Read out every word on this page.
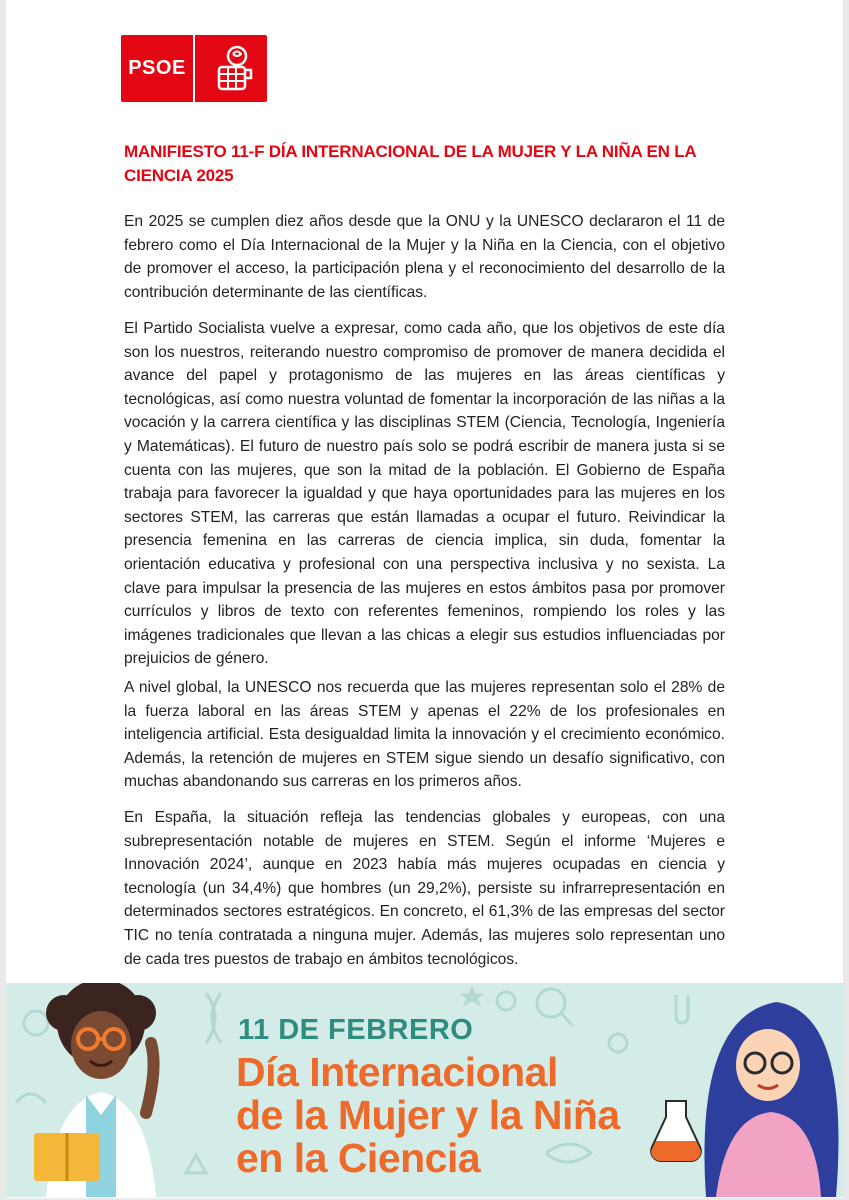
PSOE
MANIFIESTO 11-F DÍA INTERNACIONAL DE LA MUJER Y LA NIÑA EN LA CIENCIA 2025

En 2025 se cumplen diez años desde que la ONU y la UNESCO declararon el 11 de febrero como el Día Internacional de la Mujer y la Niña en la Ciencia, con el objetivo de promover el acceso, la participación plena y el reconocimiento del desarrollo de la contribución determinante de las científicas.

El Partido Socialista vuelve a expresar, como cada año, que los objetivos de este día son los nuestros, reiterando nuestro compromiso de promover de manera decidida el avance del papel y protagonismo de las mujeres en las áreas científicas y tecnológicas, así como nuestra voluntad de fomentar la incorporación de las niñas a la vocación y la carrera científica y las disciplinas STEM (Ciencia, Tecnología, Ingeniería y Matemáticas). El futuro de nuestro país solo se podrá escribir de manera justa si se cuenta con las mujeres, que son la mitad de la población. El Gobierno de España trabaja para favorecer la igualdad y que haya oportunidades para las mujeres en los sectores STEM, las carreras que están llamadas a ocupar el futuro. Reivindicar la presencia femenina en las carreras de ciencia implica, sin duda, fomentar la orientación educativa y profesional con una perspectiva inclusiva y no sexista. La clave para impulsar la presencia de las mujeres en estos ámbitos pasa por promover currículos y libros de texto con referentes femeninos, rompiendo los roles y las imágenes tradicionales que llevan a las chicas a elegir sus estudios influenciadas por prejuicios de género.

A nivel global, la UNESCO nos recuerda que las mujeres representan solo el 28% de la fuerza laboral en las áreas STEM y apenas el 22% de los profesionales en inteligencia artificial. Esta desigualdad limita la innovación y el crecimiento económico. Además, la retención de mujeres en STEM sigue siendo un desafío significativo, con muchas abandonando sus carreras en los primeros años.

En España, la situación refleja las tendencias globales y europeas, con una subrepresentación notable de mujeres en STEM. Según el informe ‘Mujeres e Innovación 2024’, aunque en 2023 había más mujeres ocupadas en ciencia y tecnología (un 34,4%) que hombres (un 29,2%), persiste su infrarrepresentación en determinados sectores estratégicos. En concreto, el 61,3% de las empresas del sector TIC no tenía contratada a ninguna mujer. Además, las mujeres solo representan uno de cada tres puestos de trabajo en ámbitos tecnológicos.

11 DE FEBRERO
Día Internacional
de la Mujer y la Niña
en la Ciencia
